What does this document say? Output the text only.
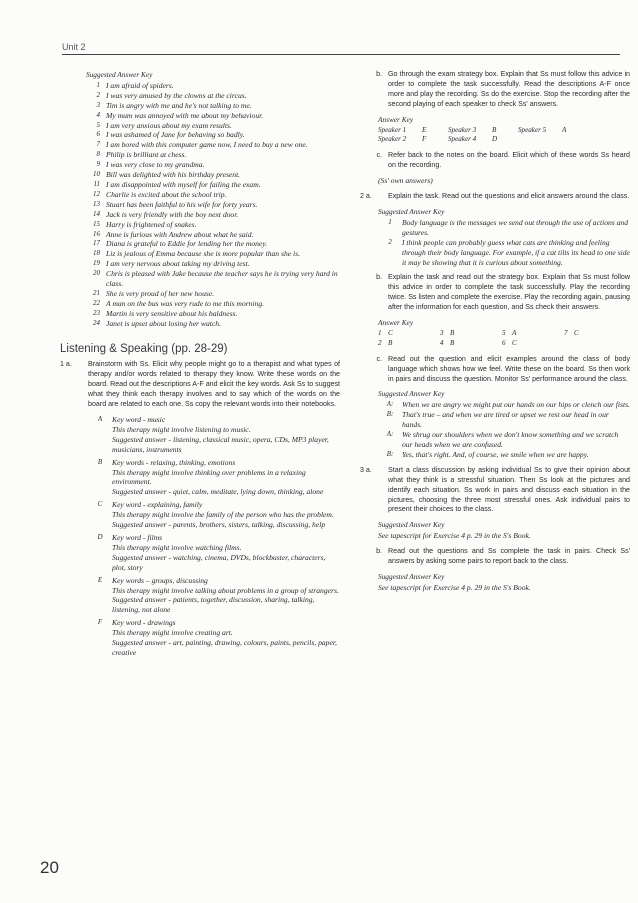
Unit 2
Suggested Answer Key
1 I am afraid of spiders.
2 I was very amused by the clowns at the circus.
3 Tim is angry with me and he's not talking to me.
4 My mum was annoyed with me about my behaviour.
5 I am very anxious about my exam results.
6 I was ashamed of Jane for behaving so badly.
7 I am bored with this computer game now, I need to buy a new one.
8 Philip is brilliant at chess.
9 I was very close to my grandma.
10 Bill was delighted with his birthday present.
11 I am disappointed with myself for failing the exam.
12 Charlie is excited about the school trip.
13 Stuart has been faithful to his wife for forty years.
14 Jack is very friendly with the boy next door.
15 Harry is frightened of snakes.
16 Anne is furious with Andrew about what he said.
17 Diana is grateful to Eddie for lending her the money.
18 Liz is jealous of Emma because she is more popular than she is.
19 I am very nervous about taking my driving test.
20 Chris is pleased with Jake because the teacher says he is trying very hard in class.
21 She is very proud of her new house.
22 A man on the bus was very rude to me this morning.
23 Martin is very sensitive about his baldness.
24 Janet is upset about losing her watch.
Listening & Speaking (pp. 28-29)
1 a.	Brainstorm with Ss. Elicit why people might go to a therapist and what types of therapy and/or words related to therapy they know. Write these words on the board. Read out the descriptions A-F and elicit the key words. Ask Ss to suggest what they think each therapy involves and to say which of the words on the board are related to each one. Ss copy the relevant words into their notebooks.
A	Key word - music
This therapy might involve listening to music.
Suggested answer - listening, classical music, opera, CDs, MP3 player, musicians, instruments
B	Key words - relaxing, thinking, emotions
This therapy might involve thinking over problems in a relaxing environment.
Suggested answer - quiet, calm, meditate, lying down, thinking, alone
C	Key word - explaining, family
This therapy might involve the family of the person who has the problem.
Suggested answer - parents, brothers, sisters, talking, discussing, help
D	Key word - films
This therapy might involve watching films.
Suggested answer - watching, cinema, DVDs, blockbuster, characters, plot, story
E	Key words – groups, discussing
This therapy might involve talking about problems in a group of strangers.
Suggested answer - patients, together, discussion, sharing, talking, listening, not alone
F	Key word - drawings
This therapy might involve creating art.
Suggested answer - art, painting, drawing, colours, paints, pencils, paper, creative
b. Go through the exam strategy box. Explain that Ss must follow this advice in order to complete the task successfully. Read the descriptions A-F once more and play the recording. Ss do the exercise. Stop the recording after the second playing of each speaker to check Ss' answers.
Answer Key
Speaker 1	E	Speaker 3	B	Speaker 5	A
Speaker 2	F	Speaker 4	D
c. Refer back to the notes on the board. Elicit which of these words Ss heard on the recording.
(Ss' own answers)
2 a.	Explain the task. Read out the questions and elicit answers around the class.
Suggested Answer Key
1	Body language is the messages we send out through the use of actions and gestures.
2	I think people can probably guess what cats are thinking and feeling through their body language. For example, if a cat tilts its head to one side it may be showing that it is curious about something.
b. Explain the task and read out the strategy box. Explain that Ss must follow this advice in order to complete the task successfully. Play the recording twice. Ss listen and complete the exercise. Play the recording again, pausing after the information for each question, and Ss check their answers.
Answer Key
1 C	3 B	5 A	7 C
2 B	4 B	6 C
c. Read out the question and elicit examples around the class of body language which shows how we feel. Write these on the board. Ss then work in pairs and discuss the question. Monitor Ss' performance around the class.
Suggested Answer Key
A:	When we are angry we might put our hands on our hips or clench our fists.
B:	That's true – and when we are tired or upset we rest our head in our hands.
A:	We shrug our shoulders when we don't know something and we scratch our heads when we are confused.
B:	Yes, that's right. And, of course, we smile when we are happy.
3 a.	Start a class discussion by asking individual Ss to give their opinion about what they think is a stressful situation. Then Ss look at the pictures and identify each situation. Ss work in pairs and discuss each situation in the pictures, choosing the three most stressful ones. Ask individual pairs to present their choices to the class.
Suggested Answer Key
See tapescript for Exercise 4 p. 29 in the S's Book.
b. Read out the questions and Ss complete the task in pairs. Check Ss' answers by asking some pairs to report back to the class.
Suggested Answer Key
See tapescript for Exercise 4 p. 29 in the S's Book.
20
